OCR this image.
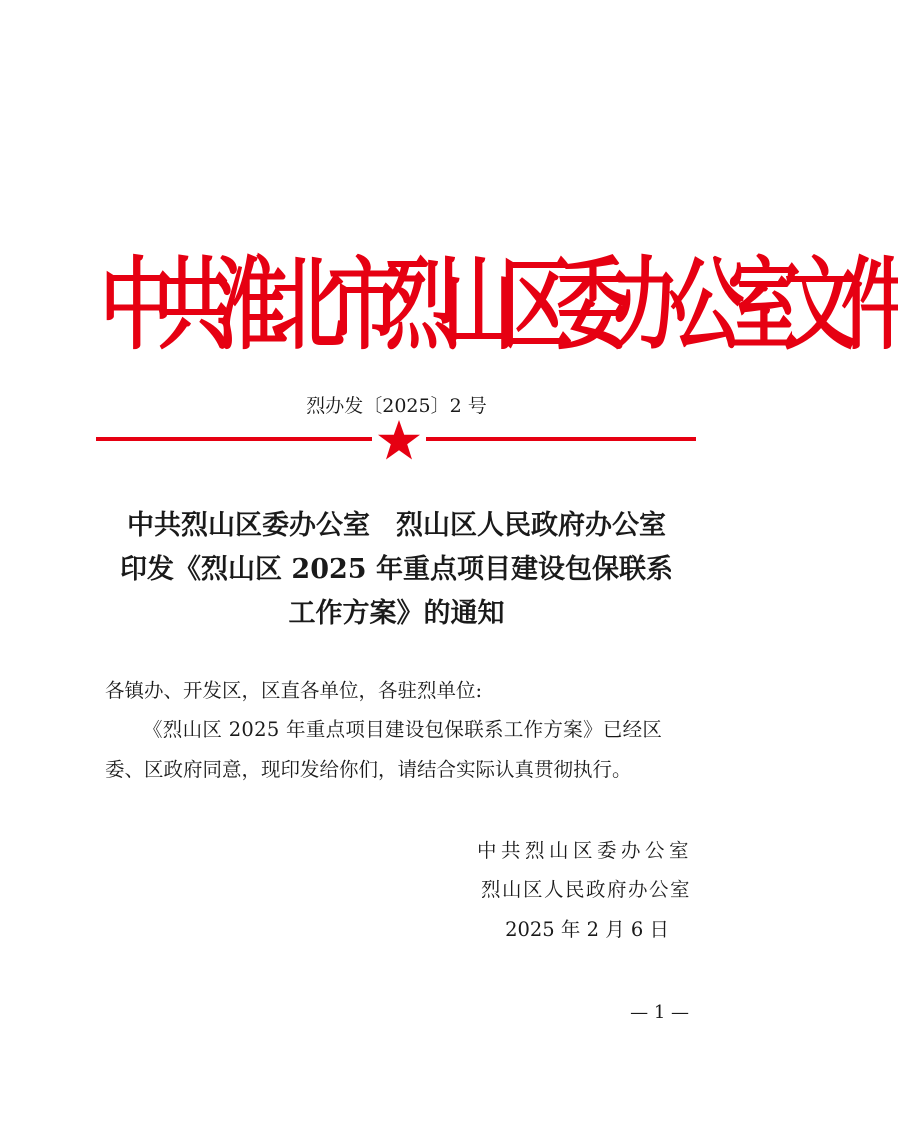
中共淮北市烈山区委办公室文件
烈办发〔2025〕2 号
中共烈山区委办公室 烈山区人民政府办公室
印发《烈山区 2025 年重点项目建设包保联系
工作方案》的通知
各镇办、开发区，区直各单位，各驻烈单位:
《烈山区 2025 年重点项目建设包保联系工作方案》已经区
委、区政府同意，现印发给你们，请结合实际认真贯彻执行。
中共烈山区委办公室
烈山区人民政府办公室
2025 年 2 月 6 日
— 1 —
